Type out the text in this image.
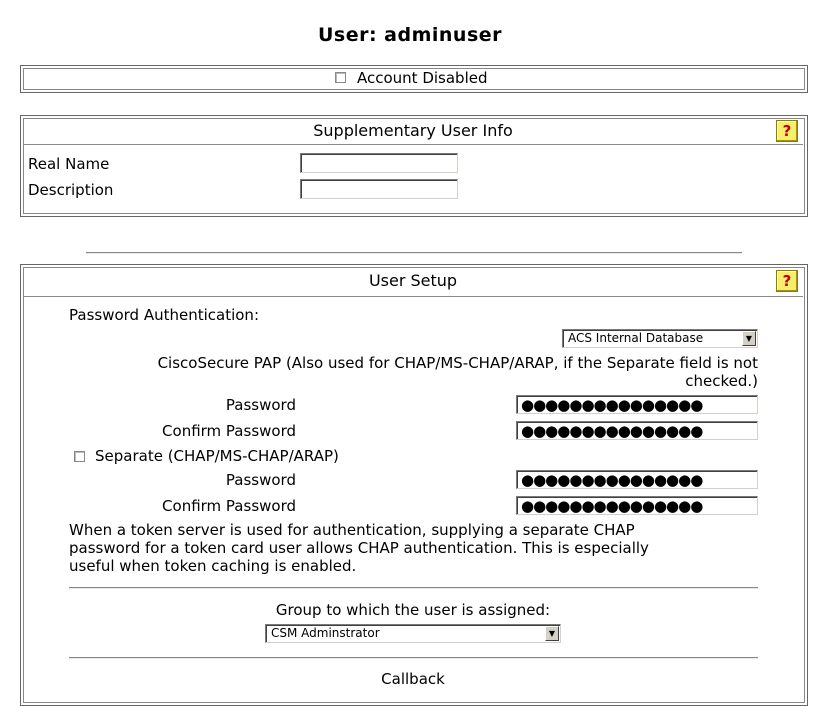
User: adminuser
Account Disabled
Supplementary User Info	?
Real Name
Description
User Setup	?
Password Authentication:
ACS Internal Database	▼
CiscoSecure PAP (Also used for CHAP/MS-CHAP/ARAP, if the Separate field is not
checked.)
Password	●●●●●●●●●●●●●●●
Confirm Password	●●●●●●●●●●●●●●●
Separate (CHAP/MS-CHAP/ARAP)
Password	●●●●●●●●●●●●●●●
Confirm Password	●●●●●●●●●●●●●●●
When a token server is used for authentication, supplying a separate CHAP
password for a token card user allows CHAP authentication. This is especially
useful when token caching is enabled.
Group to which the user is assigned:
CSM Adminstrator	▼
Callback
